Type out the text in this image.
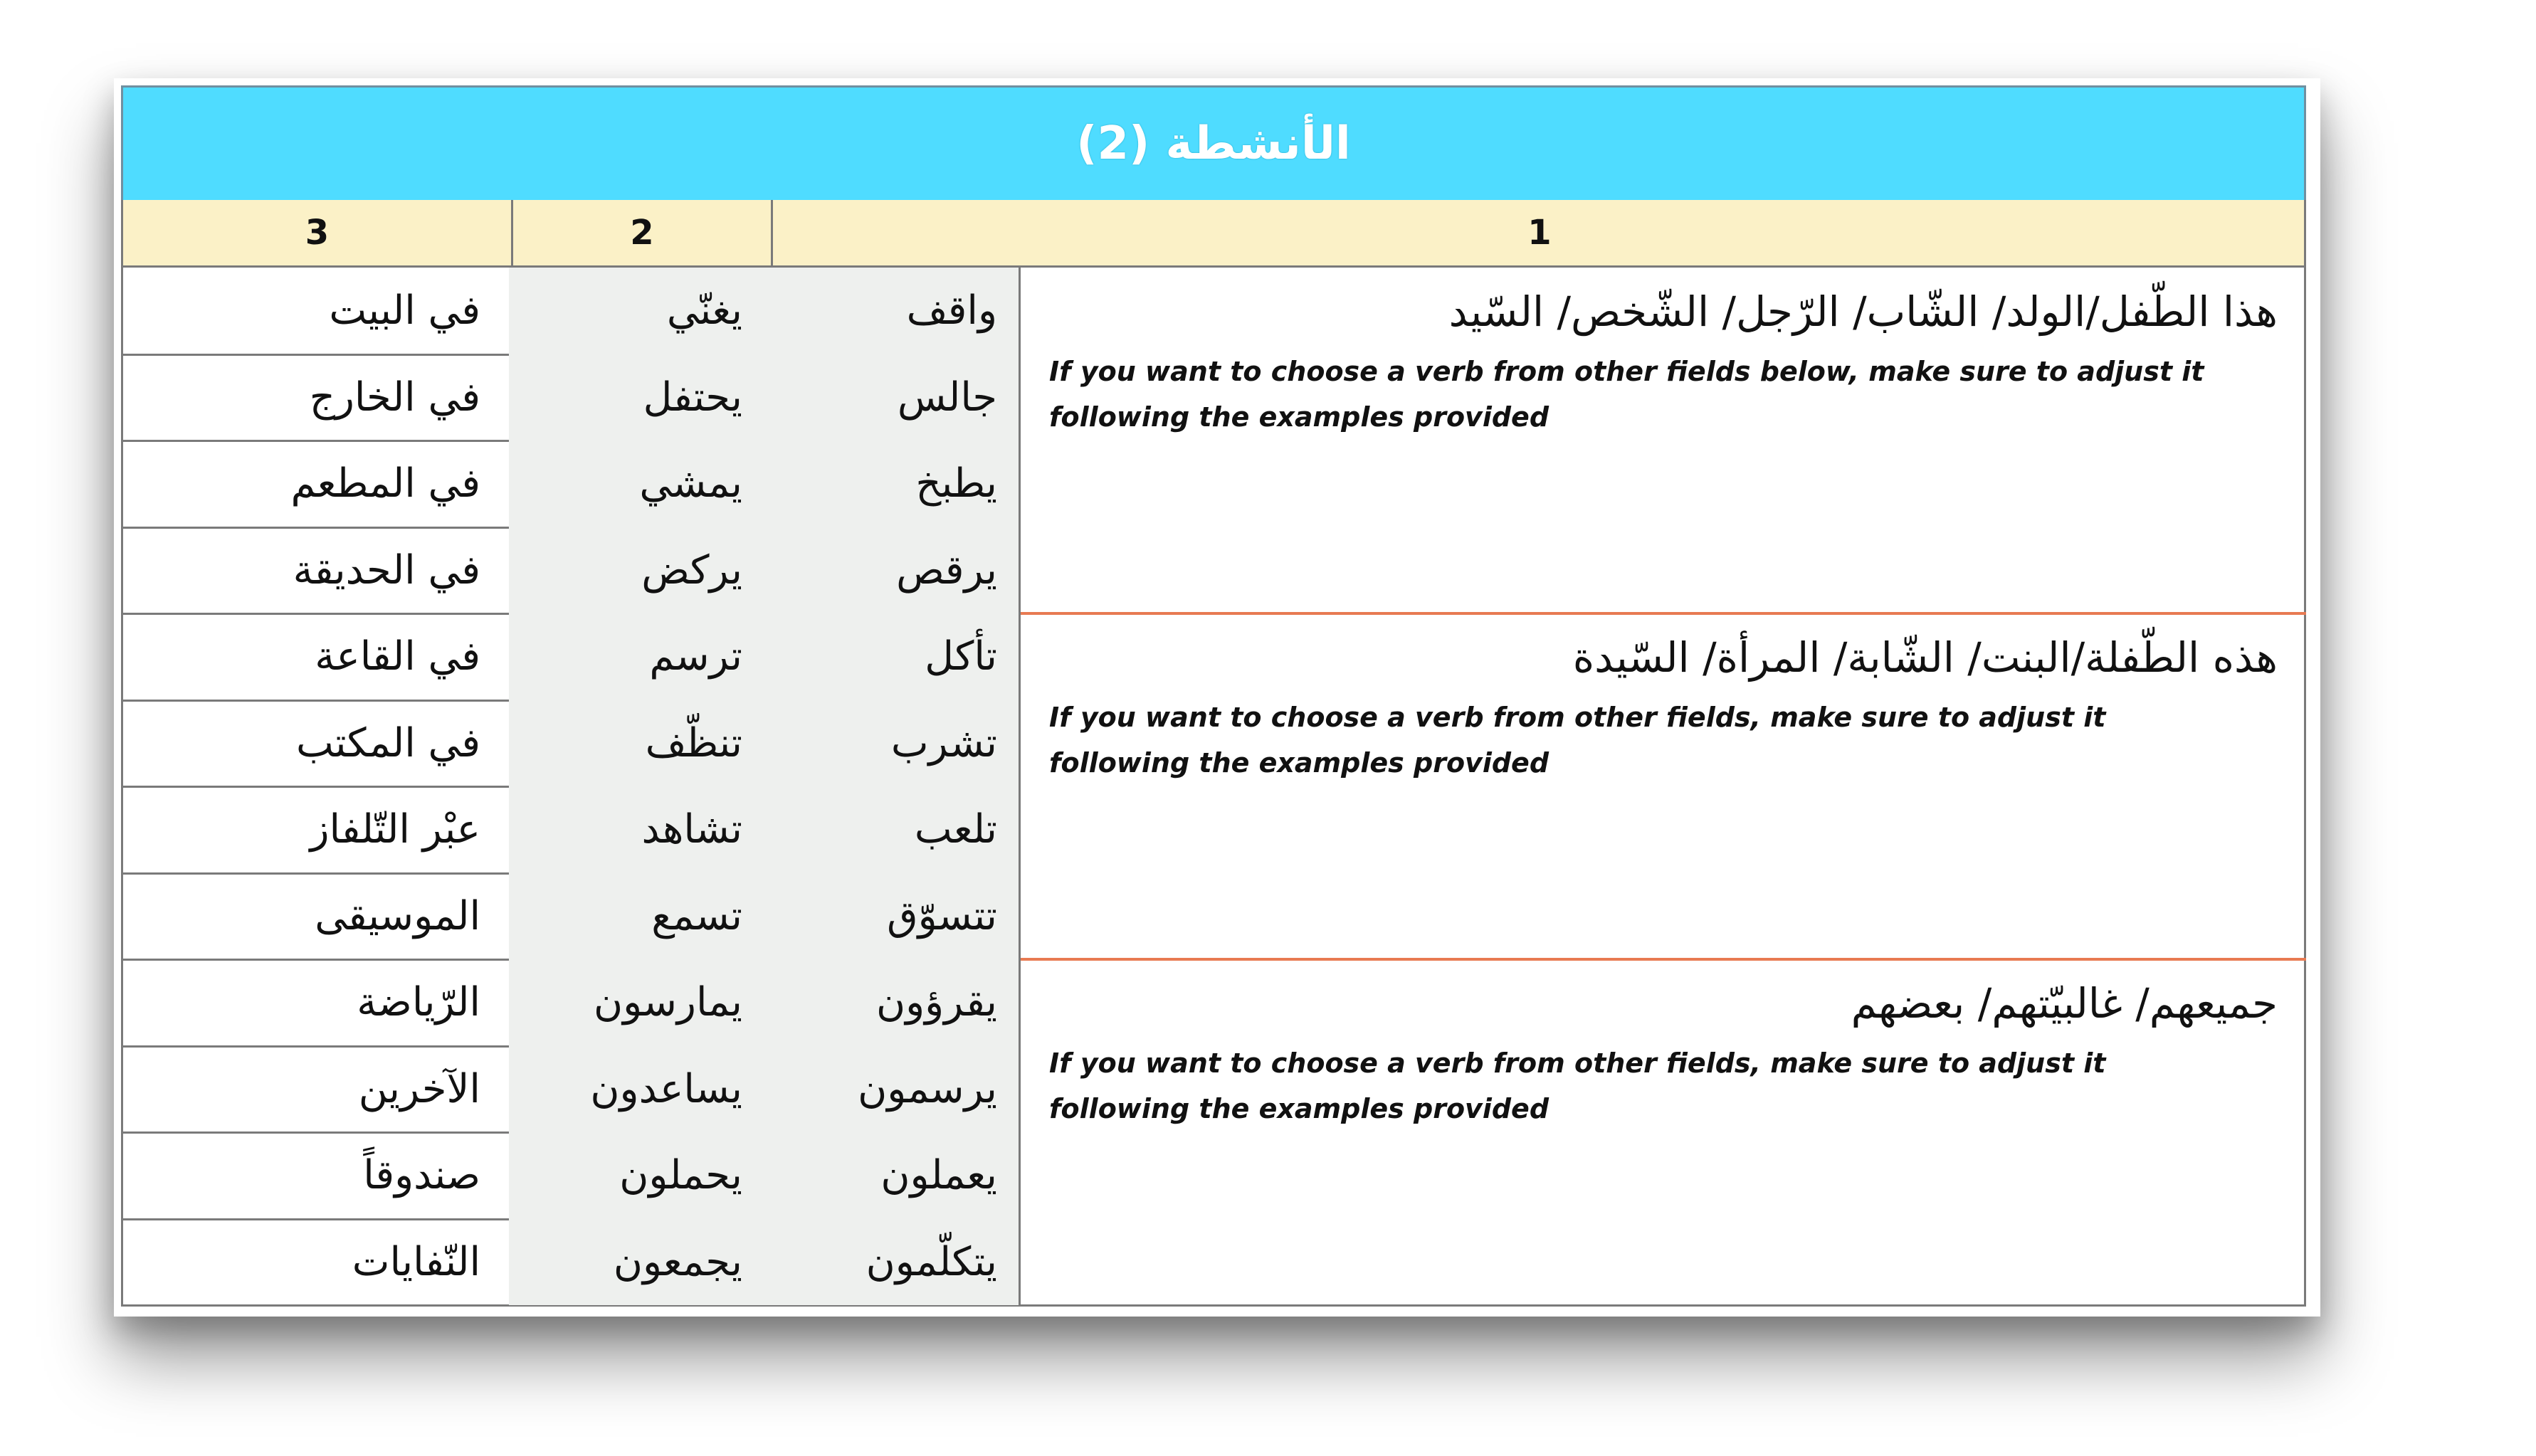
(2) الأنشطة
3	2	1
هذا الطّفل/الولد/ الشّاب/ الرّجل/ الشّخص/ السّيد
If you want to choose a verb from other fields below, make sure to adjust it following the examples provided
هذه الطّفلة/البنت/ الشّابة/ المرأة/ السّيدة
If you want to choose a verb from other fields, make sure to adjust it following the examples provided
جميعهم/ غالبيّتهم/ بعضهم
If you want to choose a verb from other fields, make sure to adjust it following the examples provided
في البيت	يغنّي	واقف
في الخارج	يحتفل	جالس
في المطعم	يمشي	يطبخ
في الحديقة	يركض	يرقص
في القاعة	ترسم	تأكل
في المكتب	تنظّف	تشرب
عبْر التّلفاز	تشاهد	تلعب
الموسيقى	تسمع	تتسوّق
الرّياضة	يمارسون	يقرؤون
الآخرين	يساعدون	يرسمون
صندوقاً	يحملون	يعملون
النّفايات	يجمعون	يتكلّمون
